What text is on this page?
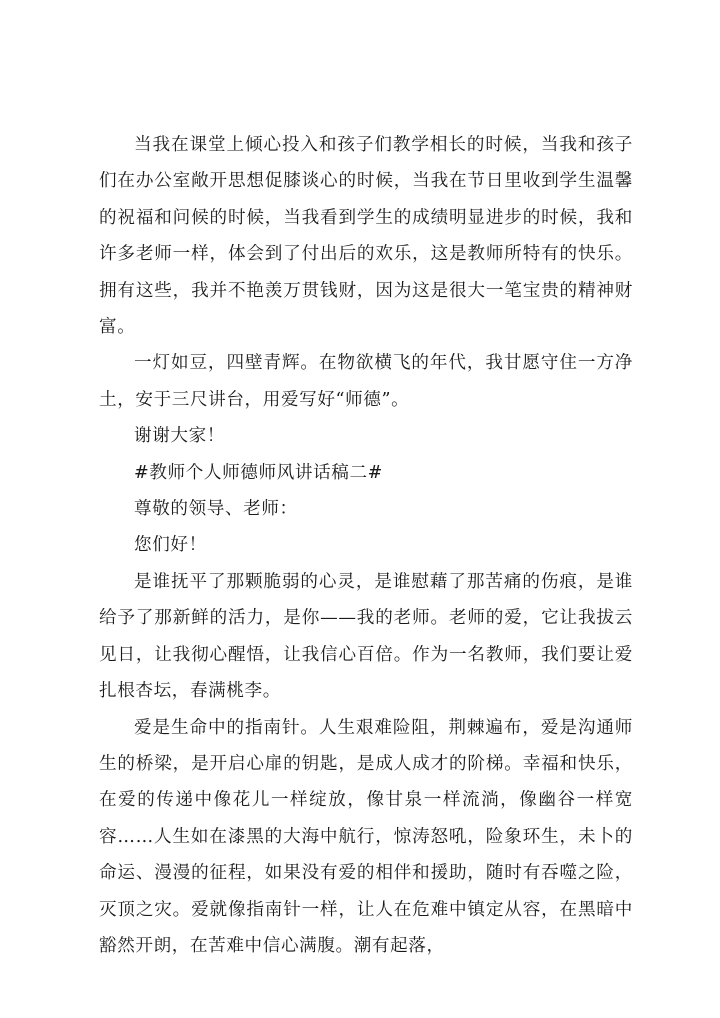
当我在课堂上倾心投入和孩子们教学相长的时候，当我和孩子们在办公室敞开思想促膝谈心的时候，当我在节日里收到学生温馨的祝福和问候的时候，当我看到学生的成绩明显进步的时候，我和许多老师一样，体会到了付出后的欢乐，这是教师所特有的快乐。拥有这些，我并不艳羡万贯钱财，因为这是很大一笔宝贵的精神财富。

一灯如豆，四壁青辉。在物欲横飞的年代，我甘愿守住一方净土，安于三尺讲台，用爱写好“师德”。

谢谢大家！

#教师个人师德师风讲话稿二#

尊敬的领导、老师：

您们好！

是谁抚平了那颗脆弱的心灵，是谁慰藉了那苦痛的伤痕，是谁给予了那新鲜的活力，是你——我的老师。老师的爱，它让我拔云见日，让我彻心醒悟，让我信心百倍。作为一名教师，我们要让爱扎根杏坛，春满桃李。

爱是生命中的指南针。人生艰难险阻，荆棘遍布，爱是沟通师生的桥梁，是开启心扉的钥匙，是成人成才的阶梯。幸福和快乐，在爱的传递中像花儿一样绽放，像甘泉一样流淌，像幽谷一样宽容……人生如在漆黑的大海中航行，惊涛怒吼，险象环生，未卜的命运、漫漫的征程，如果没有爱的相伴和援助，随时有吞噬之险，灭顶之灾。爱就像指南针一样，让人在危难中镇定从容，在黑暗中豁然开朗，在苦难中信心满腹。潮有起落，
